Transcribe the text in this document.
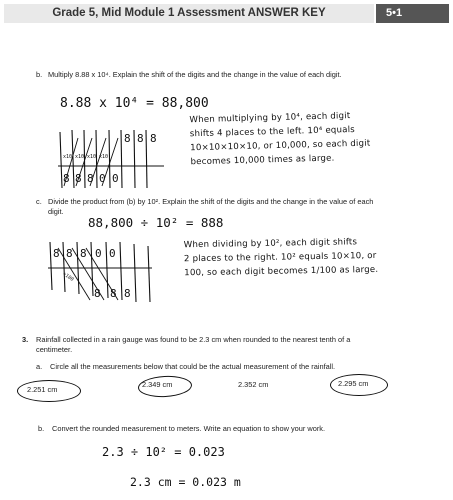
Grade 5, Mid Module 1 Assessment ANSWER KEY	5•1
b. Multiply 8.88 x 10⁴. Explain the shift of the digits and the change in the value of each digit.
8.88 x 10⁴ = 88,800
8 8 8
x10 x10 x10 x10
8 8 8 0 0
When multiplying by 10⁴, each digit
shifts 4 places to the left. 10⁴ equals
10×10×10×10, or 10,000, so each digit
becomes 10,000 times as large.
c. Divide the product from (b) by 10². Explain the shift of the digits and the change in the value of each
digit.
88,800 ÷ 10² = 888
8 8 8 0 0
÷100
8 8 8
When dividing by 10², each digit shifts
2 places to the right. 10² equals 10×10, or
100, so each digit becomes 1/100 as large.
3. Rainfall collected in a rain gauge was found to be 2.3 cm when rounded to the nearest tenth of a
centimeter.
a. Circle all the measurements below that could be the actual measurement of the rainfall.
2.251 cm
2.349 cm	2.352 cm	2.295 cm
b. Convert the rounded measurement to meters. Write an equation to show your work.
2.3 ÷ 10² = 0.023
2.3 cm = 0.023 m
